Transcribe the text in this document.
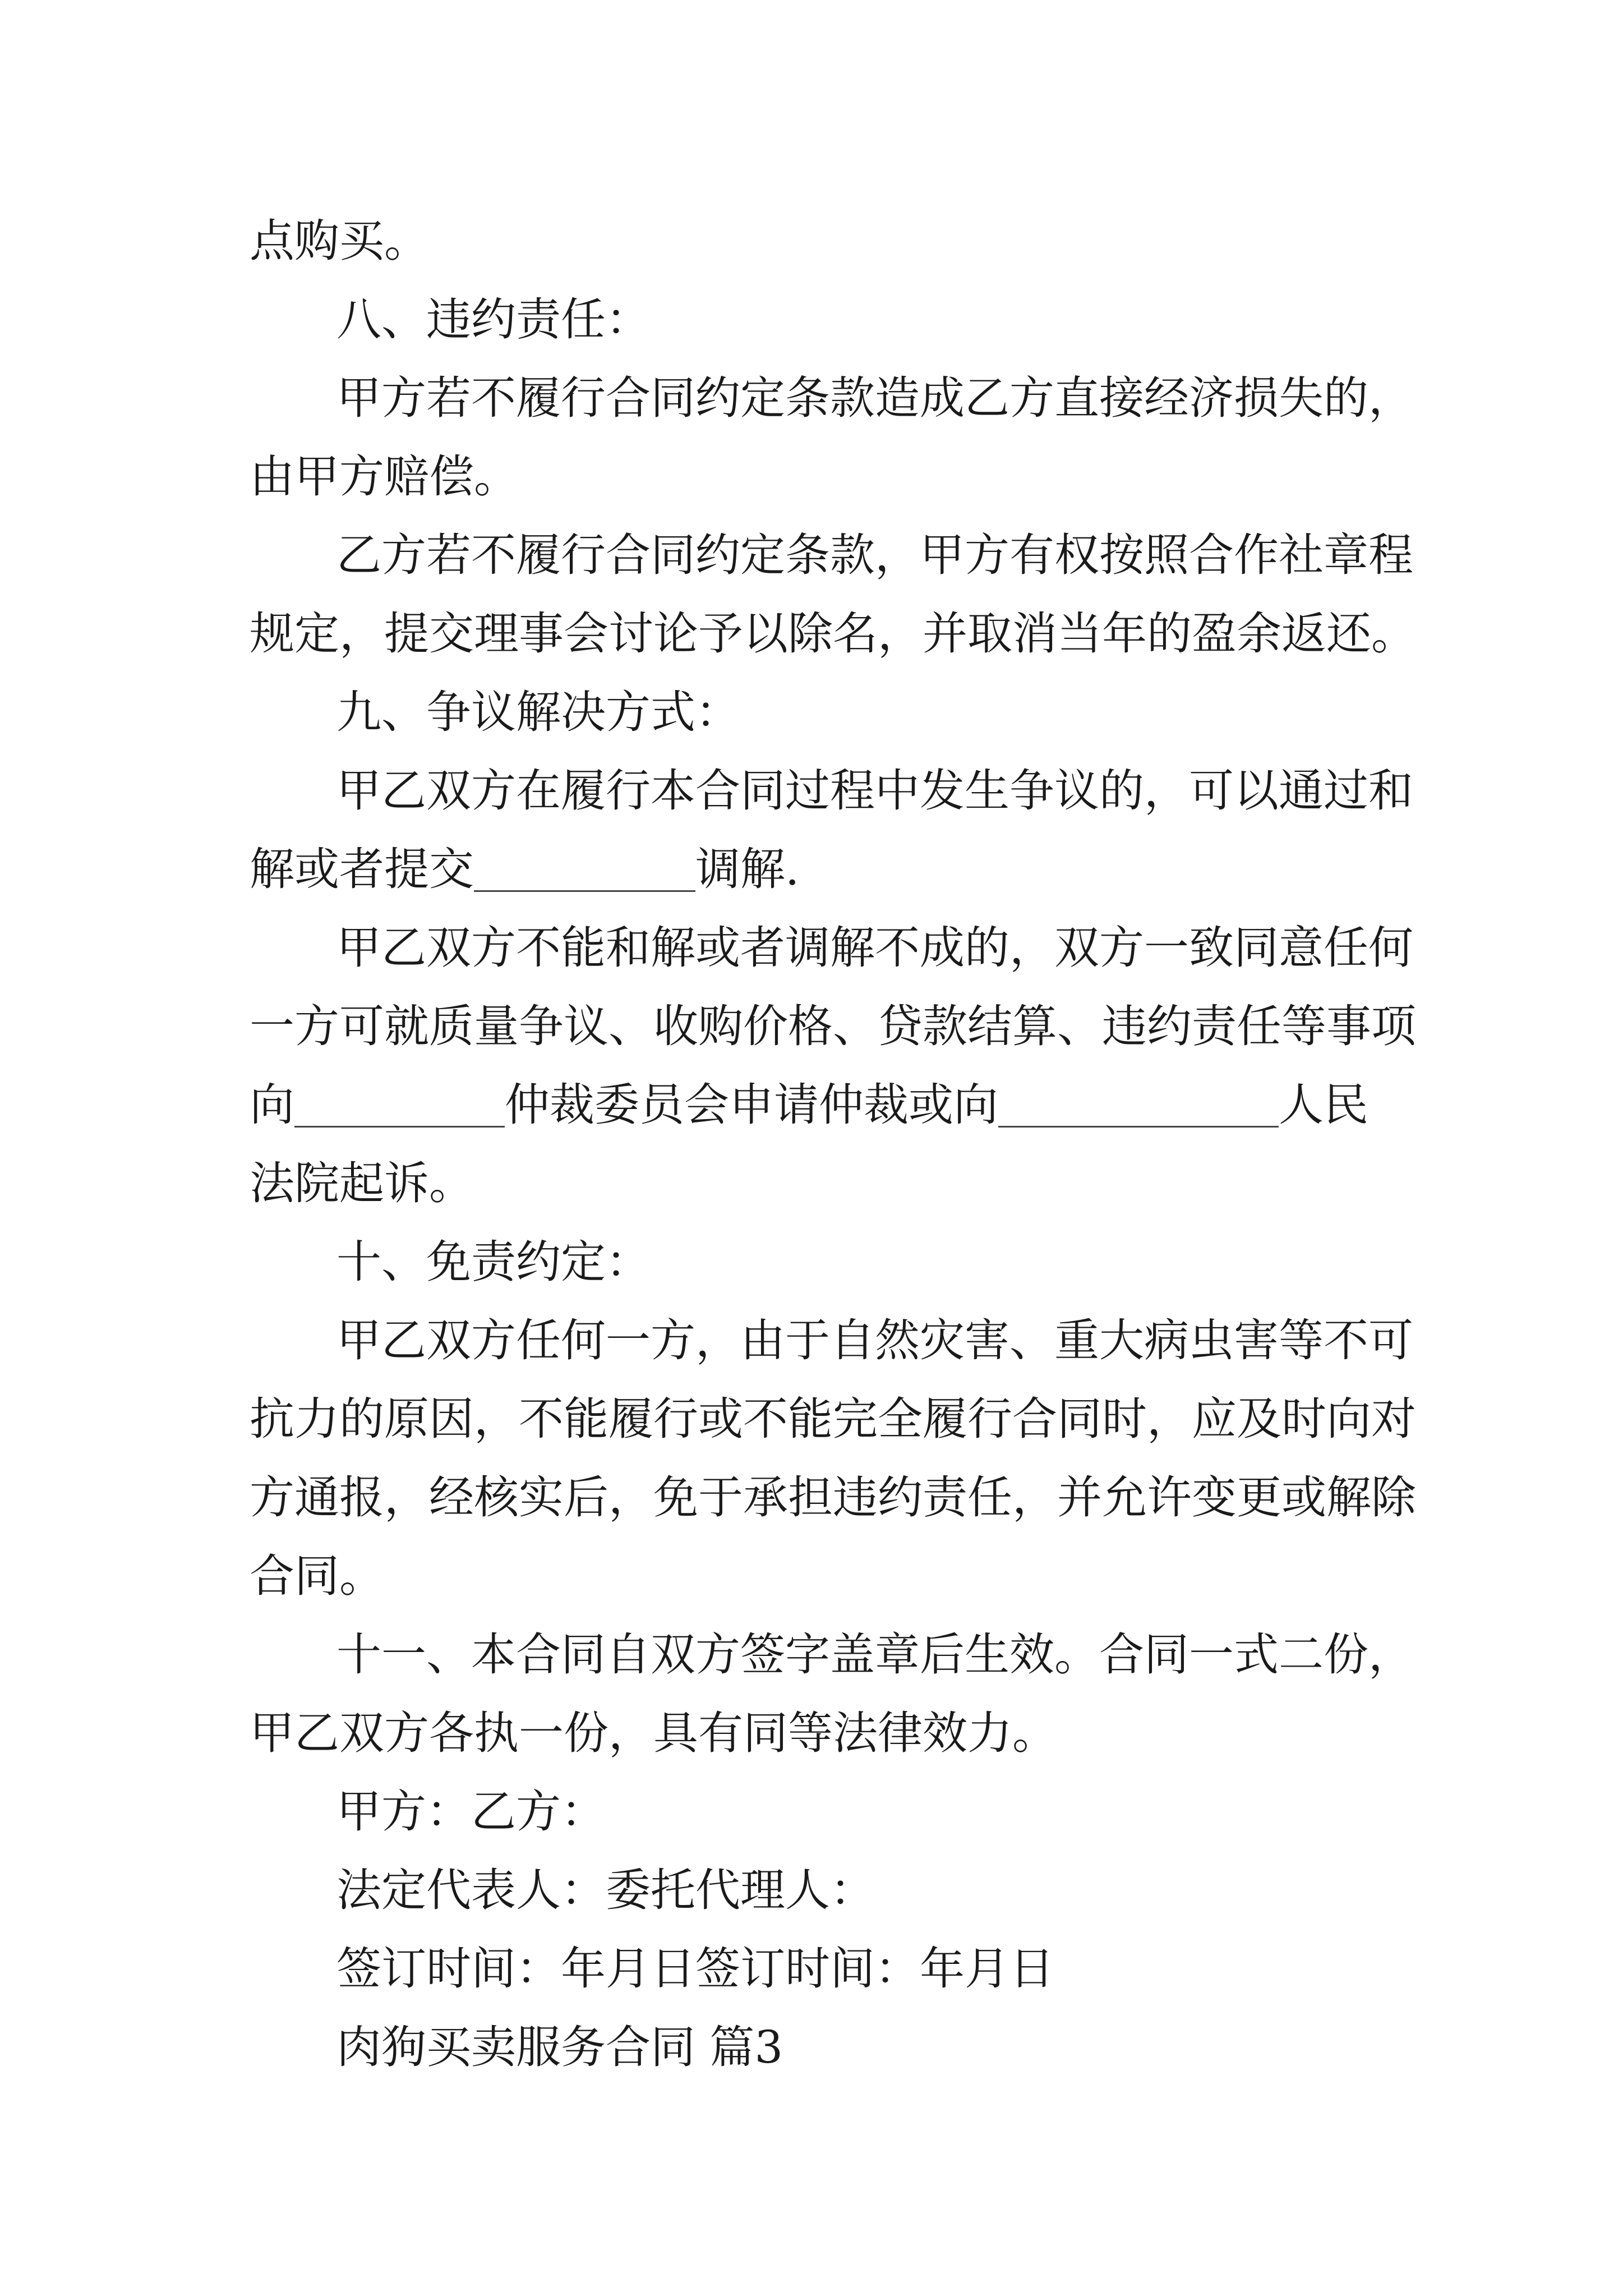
点购买。
八、违约责任：
甲方若不履行合同约定条款造成乙方直接经济损失的，
由甲方赔偿。
乙方若不履行合同约定条款，甲方有权按照合作社章程
规定，提交理事会讨论予以除名，并取消当年的盈余返还。
九、争议解决方式：
甲乙双方在履行本合同过程中发生争议的，可以通过和
解或者提交	调解.
甲乙双方不能和解或者调解不成的，双方一致同意任何
一方可就质量争议、收购价格、贷款结算、违约责任等事项
向	仲裁委员会申请仲裁或向	人民
法院起诉。
十、免责约定：
甲乙双方任何一方，由于自然灾害、重大病虫害等不可
抗力的原因，不能履行或不能完全履行合同时，应及时向对
方通报，经核实后，免于承担违约责任，并允许变更或解除
合同。
十一、本合同自双方签字盖章后生效。合同一式二份，
甲乙双方各执一份，具有同等法律效力。
甲方：乙方：
法定代表人：委托代理人：
签订时间：年月日签订时间：年月日
肉狗买卖服务合同 篇3
